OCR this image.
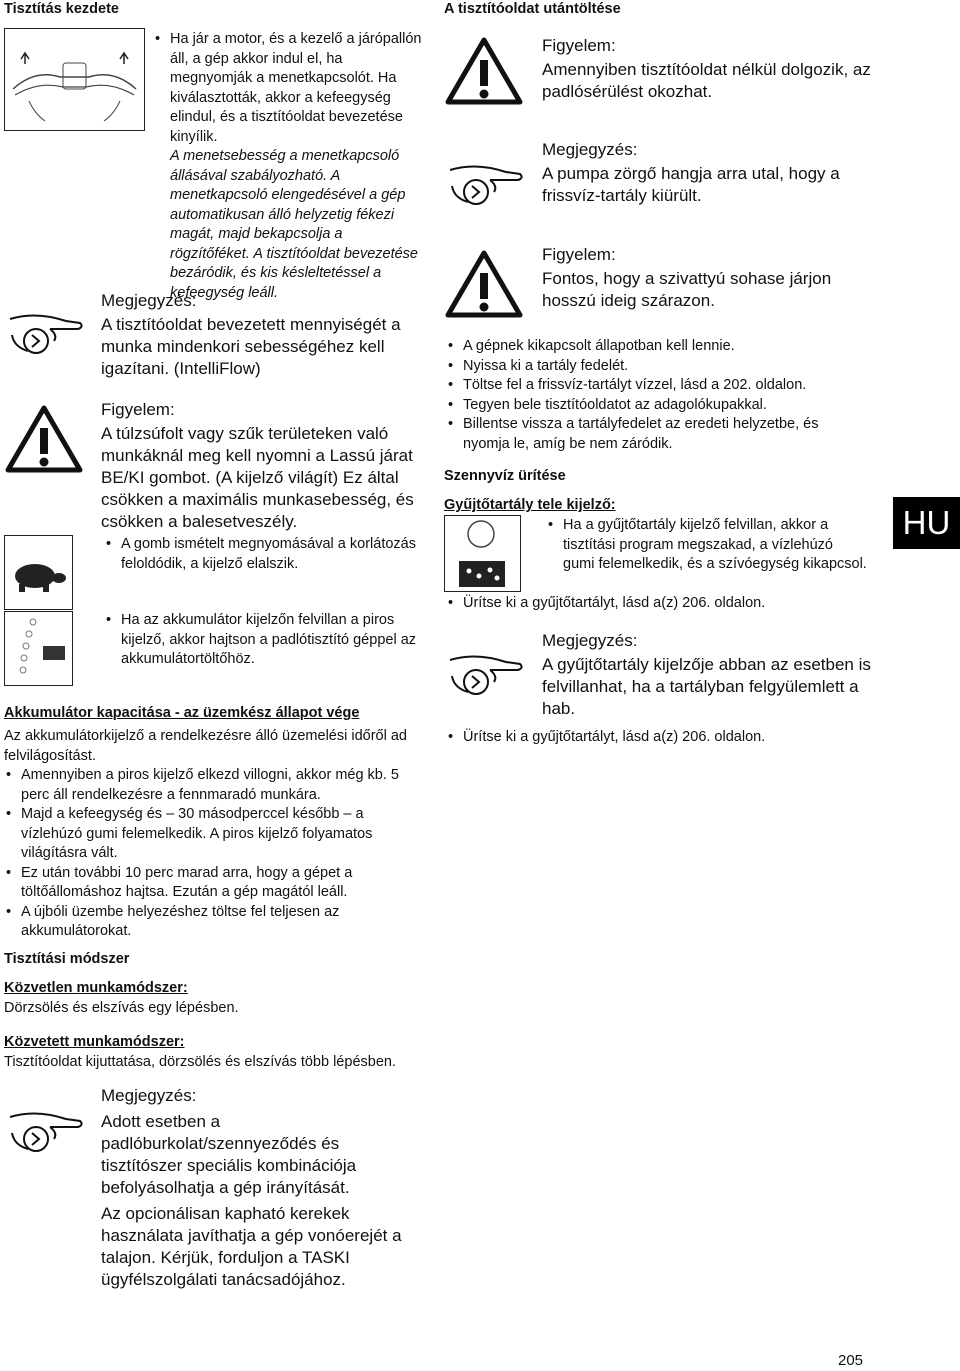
Tisztítás kezdete
• Ha jár a motor, és a kezelő a járópallón áll, a gép akkor indul el, ha megnyomják a menetkapcsolót. Ha kiválasztották, akkor a kefeegység elindul, és a tisztítóoldat bevezetése kinyílik.
A menetsebesség a menetkapcsoló állásával szabályozható. A menetkapcsoló elengedésével a gép automatikusan álló helyzetig fékezi magát, majd bekapcsolja a rögzítőféket. A tisztítóoldat bevezetése bezáródik, és kis késleltetéssel a kefeegység leáll.
Megjegyzés:
A tisztítóoldat bevezetett mennyiségét a munka mindenkori sebességéhez kell igazítani. (IntelliFlow)
Figyelem:
A túlzsúfolt vagy szűk területeken való munkáknál meg kell nyomni a Lassú járat BE/KI gombot. (A kijelző világít) Ez által csökken a maximális munkasebesség, és csökken a balesetveszély.
• A gomb ismételt megnyomásával a korlátozás feloldódik, a kijelző elalszik.
• Ha az akkumulátor kijelzőn felvillan a piros kijelző, akkor hajtson a padlótisztító géppel az akkumulátortöltőhöz.
Akkumulátor kapacitása - az üzemkész állapot vége
Az akkumulátorkijelző a rendelkezésre álló üzemelési időről ad felvilágosítást.
• Amennyiben a piros kijelző elkezd villogni, akkor még kb. 5 perc áll rendelkezésre a fennmaradó munkára.
• Majd a kefeegység és – 30 másodperccel később – a vízlehúzó gumi felemelkedik. A piros kijelző folyamatos világításra vált.
• Ez után további 10 perc marad arra, hogy a gépet a töltőállomáshoz hajtsa. Ezután a gép magától leáll.
• A újbóli üzembe helyezéshez töltse fel teljesen az akkumulátorokat.
Tisztítási módszer
Közvetlen munkamódszer:
Dörzsölés és elszívás egy lépésben.
Közvetett munkamódszer:
Tisztítóoldat kijuttatása, dörzsölés és elszívás több lépésben.
Megjegyzés:
Adott esetben a padlóburkolat/szennyeződés és tisztítószer speciális kombinációja befolyásolhatja a gép irányítását.
Az opcionálisan kapható kerekek használata javíthatja a gép vonóerejét a talajon. Kérjük, forduljon a TASKI ügyfélszolgálati tanácsadójához.
A tisztítóoldat utántöltése
Figyelem:
Amennyiben tisztítóoldat nélkül dolgozik, az padlósérülést okozhat.
Megjegyzés:
A pumpa zörgő hangja arra utal, hogy a frissvíz-tartály kiürült.
Figyelem:
Fontos, hogy a szivattyú sohase járjon hosszú ideig szárazon.
• A gépnek kikapcsolt állapotban kell lennie.
• Nyissa ki a tartály fedelét.
• Töltse fel a frissvíz-tartályt vízzel, lásd a 202. oldalon.
• Tegyen bele tisztítóoldatot az adagolókupakkal.
• Billentse vissza a tartályfedelet az eredeti helyzetbe, és nyomja le, amíg be nem záródik.
Szennyvíz ürítése
Gyűjtőtartály tele kijelző:
• Ha a gyűjtőtartály kijelző felvillan, akkor a tisztítási program megszakad, a vízlehúzó gumi felemelkedik, és a szívóegység kikapcsol.
• Ürítse ki a gyűjtőtartályt, lásd a(z) 206. oldalon.
Megjegyzés:
A gyűjtőtartály kijelzője abban az esetben is felvillanhat, ha a tartályban felgyülemlett a hab.
• Ürítse ki a gyűjtőtartályt, lásd a(z) 206. oldalon.
HU
205
